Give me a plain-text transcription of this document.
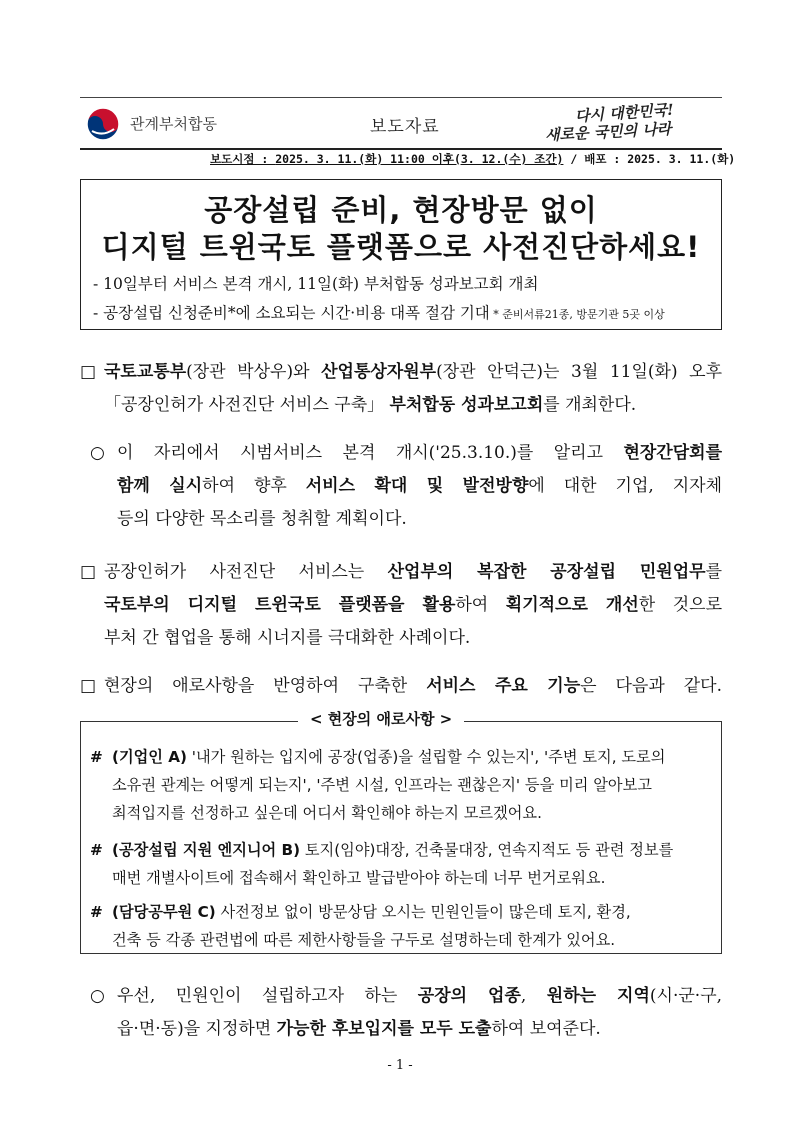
관계부처합동	보도자료
다시 대한민국!
새로운 국민의 나라
보도시점 : 2025. 3. 11.(화) 11:00 이후(3. 12.(수) 조간) / 배포 : 2025. 3. 11.(화)
공장설립 준비, 현장방문 없이
디지털 트윈국토 플랫폼으로 사전진단하세요!
- 10일부터 서비스 본격 개시, 11일(화) 부처합동 성과보고회 개최
- 공장설립 신청준비*에 소요되는 시간·비용 대폭 절감 기대 * 준비서류21종, 방문기관 5곳 이상
□ 국토교통부(장관 박상우)와 산업통상자원부(장관 안덕근)는 3월 11일(화) 오후
「공장인허가 사전진단 서비스 구축」 부처합동 성과보고회를 개최한다.
○ 이 자리에서 시범서비스 본격 개시('25.3.10.)를 알리고 현장간담회를
함께 실시하여 향후 서비스 확대 및 발전방향에 대한 기업, 지자체
등의 다양한 목소리를 청취할 계획이다.
□ 공장인허가 사전진단 서비스는 산업부의 복잡한 공장설립 민원업무를
국토부의 디지털 트윈국토 플랫폼을 활용하여 획기적으로 개선한 것으로
부처 간 협업을 통해 시너지를 극대화한 사례이다.
□ 현장의 애로사항을 반영하여 구축한 서비스 주요 기능은 다음과 같다.
< 현장의 애로사항 >
# (기업인 A) '내가 원하는 입지에 공장(업종)을 설립할 수 있는지', '주변 토지, 도로의
소유권 관계는 어떻게 되는지', '주변 시설, 인프라는 괜찮은지' 등을 미리 알아보고
최적입지를 선정하고 싶은데 어디서 확인해야 하는지 모르겠어요.
# (공장설립 지원 엔지니어 B) 토지(임야)대장, 건축물대장, 연속지적도 등 관련 정보를
매번 개별사이트에 접속해서 확인하고 발급받아야 하는데 너무 번거로워요.
# (담당공무원 C) 사전정보 없이 방문상담 오시는 민원인들이 많은데 토지, 환경,
건축 등 각종 관련법에 따른 제한사항들을 구두로 설명하는데 한계가 있어요.
○ 우선, 민원인이 설립하고자 하는 공장의 업종, 원하는 지역(시·군·구,
읍·면·동)을 지정하면 가능한 후보입지를 모두 도출하여 보여준다.
- 1 -
